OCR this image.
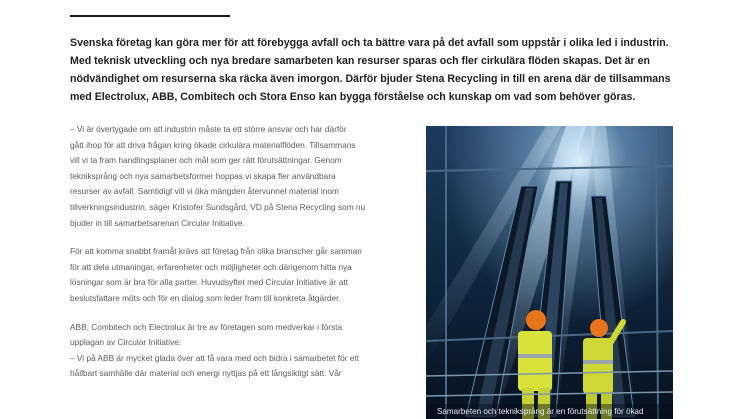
Svenska företag kan göra mer för att förebygga avfall och ta bättre vara på det avfall som uppstår i olika led i industrin.
Med teknisk utveckling och nya bredare samarbeten kan resurser sparas och fler cirkulära flöden skapas. Det är en
nödvändighet om resurserna ska räcka även imorgon. Därför bjuder Stena Recycling in till en arena där de tillsammans
med Electrolux, ABB, Combitech och Stora Enso kan bygga förståelse och kunskap om vad som behöver göras.

– Vi är övertygade om att industrin måste ta ett större ansvar och har därför
gått ihop för att driva frågan kring ökade cirkulära materialflöden. Tillsammans
vill vi ta fram handlingsplaner och mål som ger rätt förutsättningar. Genom
tekniksprång och nya samarbetsformer hoppas vi skapa fler användbara
resurser av avfall. Samtidigt vill vi öka mängden återvunnet material inom
tillverkningsindustrin, säger Kristofer Sundsgård, VD på Stena Recycling som nu
bjuder in till samarbetsarenan Circular Initiative.

För att komma snabbt framåt krävs att företag från olika branscher går samman
för att dela utmaningar, erfarenheter och möjligheter och därigenom hitta nya
lösningar som är bra för alla parter. Huvudsyftet med Circular Initiative är att
beslutsfattare möts och för en dialog som leder fram till konkreta åtgärder.

ABB, Combitech och Electrolux är tre av företagen som medverkar i första
upplagan av Circular Initiative:
– Vi på ABB är mycket glada över att få vara med och bidra i samarbetet för ett
hållbart samhälle där material och energi nyttjas på ett långsiktigt sätt. Vår

Samarbeten och tekniksprång är en förutsättning för ökad
